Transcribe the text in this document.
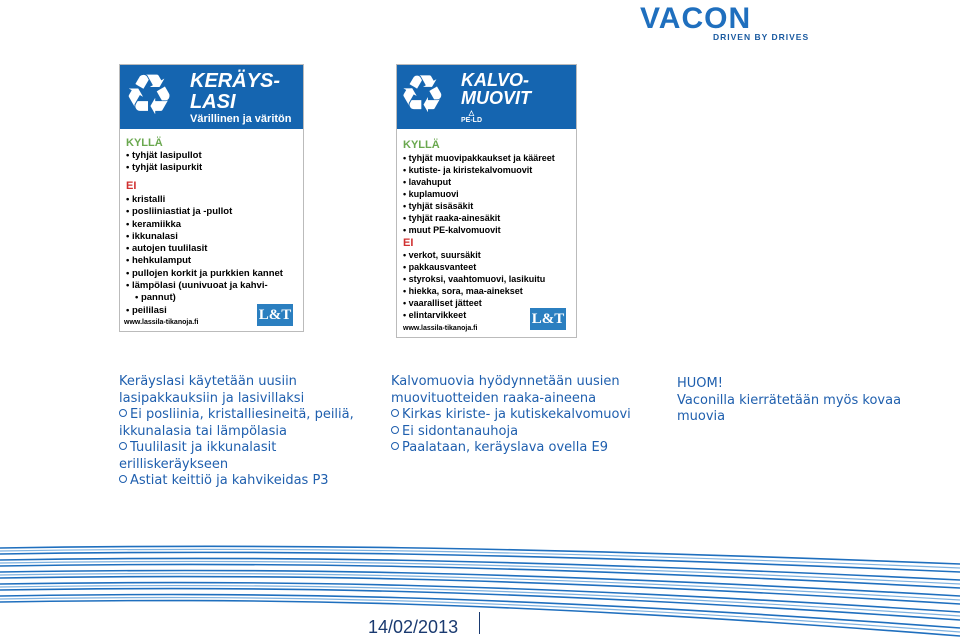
VACON
DRIVEN BY DRIVES
♻ KERÄYS-
LASI
Värillinen ja väritön
KYLLÄ
• tyhjät lasipullot
• tyhjät lasipurkit
EI
• kristalli
• posliiniastiat ja -pullot
• keramiikka
• ikkunalasi
• autojen tuulilasit
• hehkulamput
• pullojen korkit ja purkkien kannet
• lämpölasi (uunivuoat ja kahvi-
• pannut)
• peililasi
www.lassila-tikanoja.fi	L&T
♻ KALVO-
MUOVIT
△
PE-LD
KYLLÄ
• tyhjät muovipakkaukset ja kääreet
• kutiste- ja kiristekalvomuovit
• lavahuput
• kuplamuovi
• tyhjät sisäsäkit
• tyhjät raaka-ainesäkit
• muut PE-kalvomuovit
EI
• verkot, suursäkit
• pakkausvanteet
• styroksi, vaahtomuovi, lasikuitu
• hiekka, sora, maa-ainekset
• vaaralliset jätteet
• elintarvikkeet
www.lassila-tikanoja.fi
L&T

Keräyslasi käytetään uusiin lasipakkauksiin ja lasivillaksi

Ei posliinia, kristalliesineitä, peiliä, ikkunalasia tai lämpölasia

Tuulilasit ja ikkunalasit erilliskeräykseen

Astiat keittiö ja kahvikeidas P3

Kalvomuovia hyödynnetään uusien muovituotteiden raaka-aineena

Kirkas kiriste- ja kutiskekalvomuovi

Ei sidontanauhoja

Paalataan, keräyslava ovella E9

HUOM!

Vaconilla kierrätetään myös kovaa muovia

14/02/2013
